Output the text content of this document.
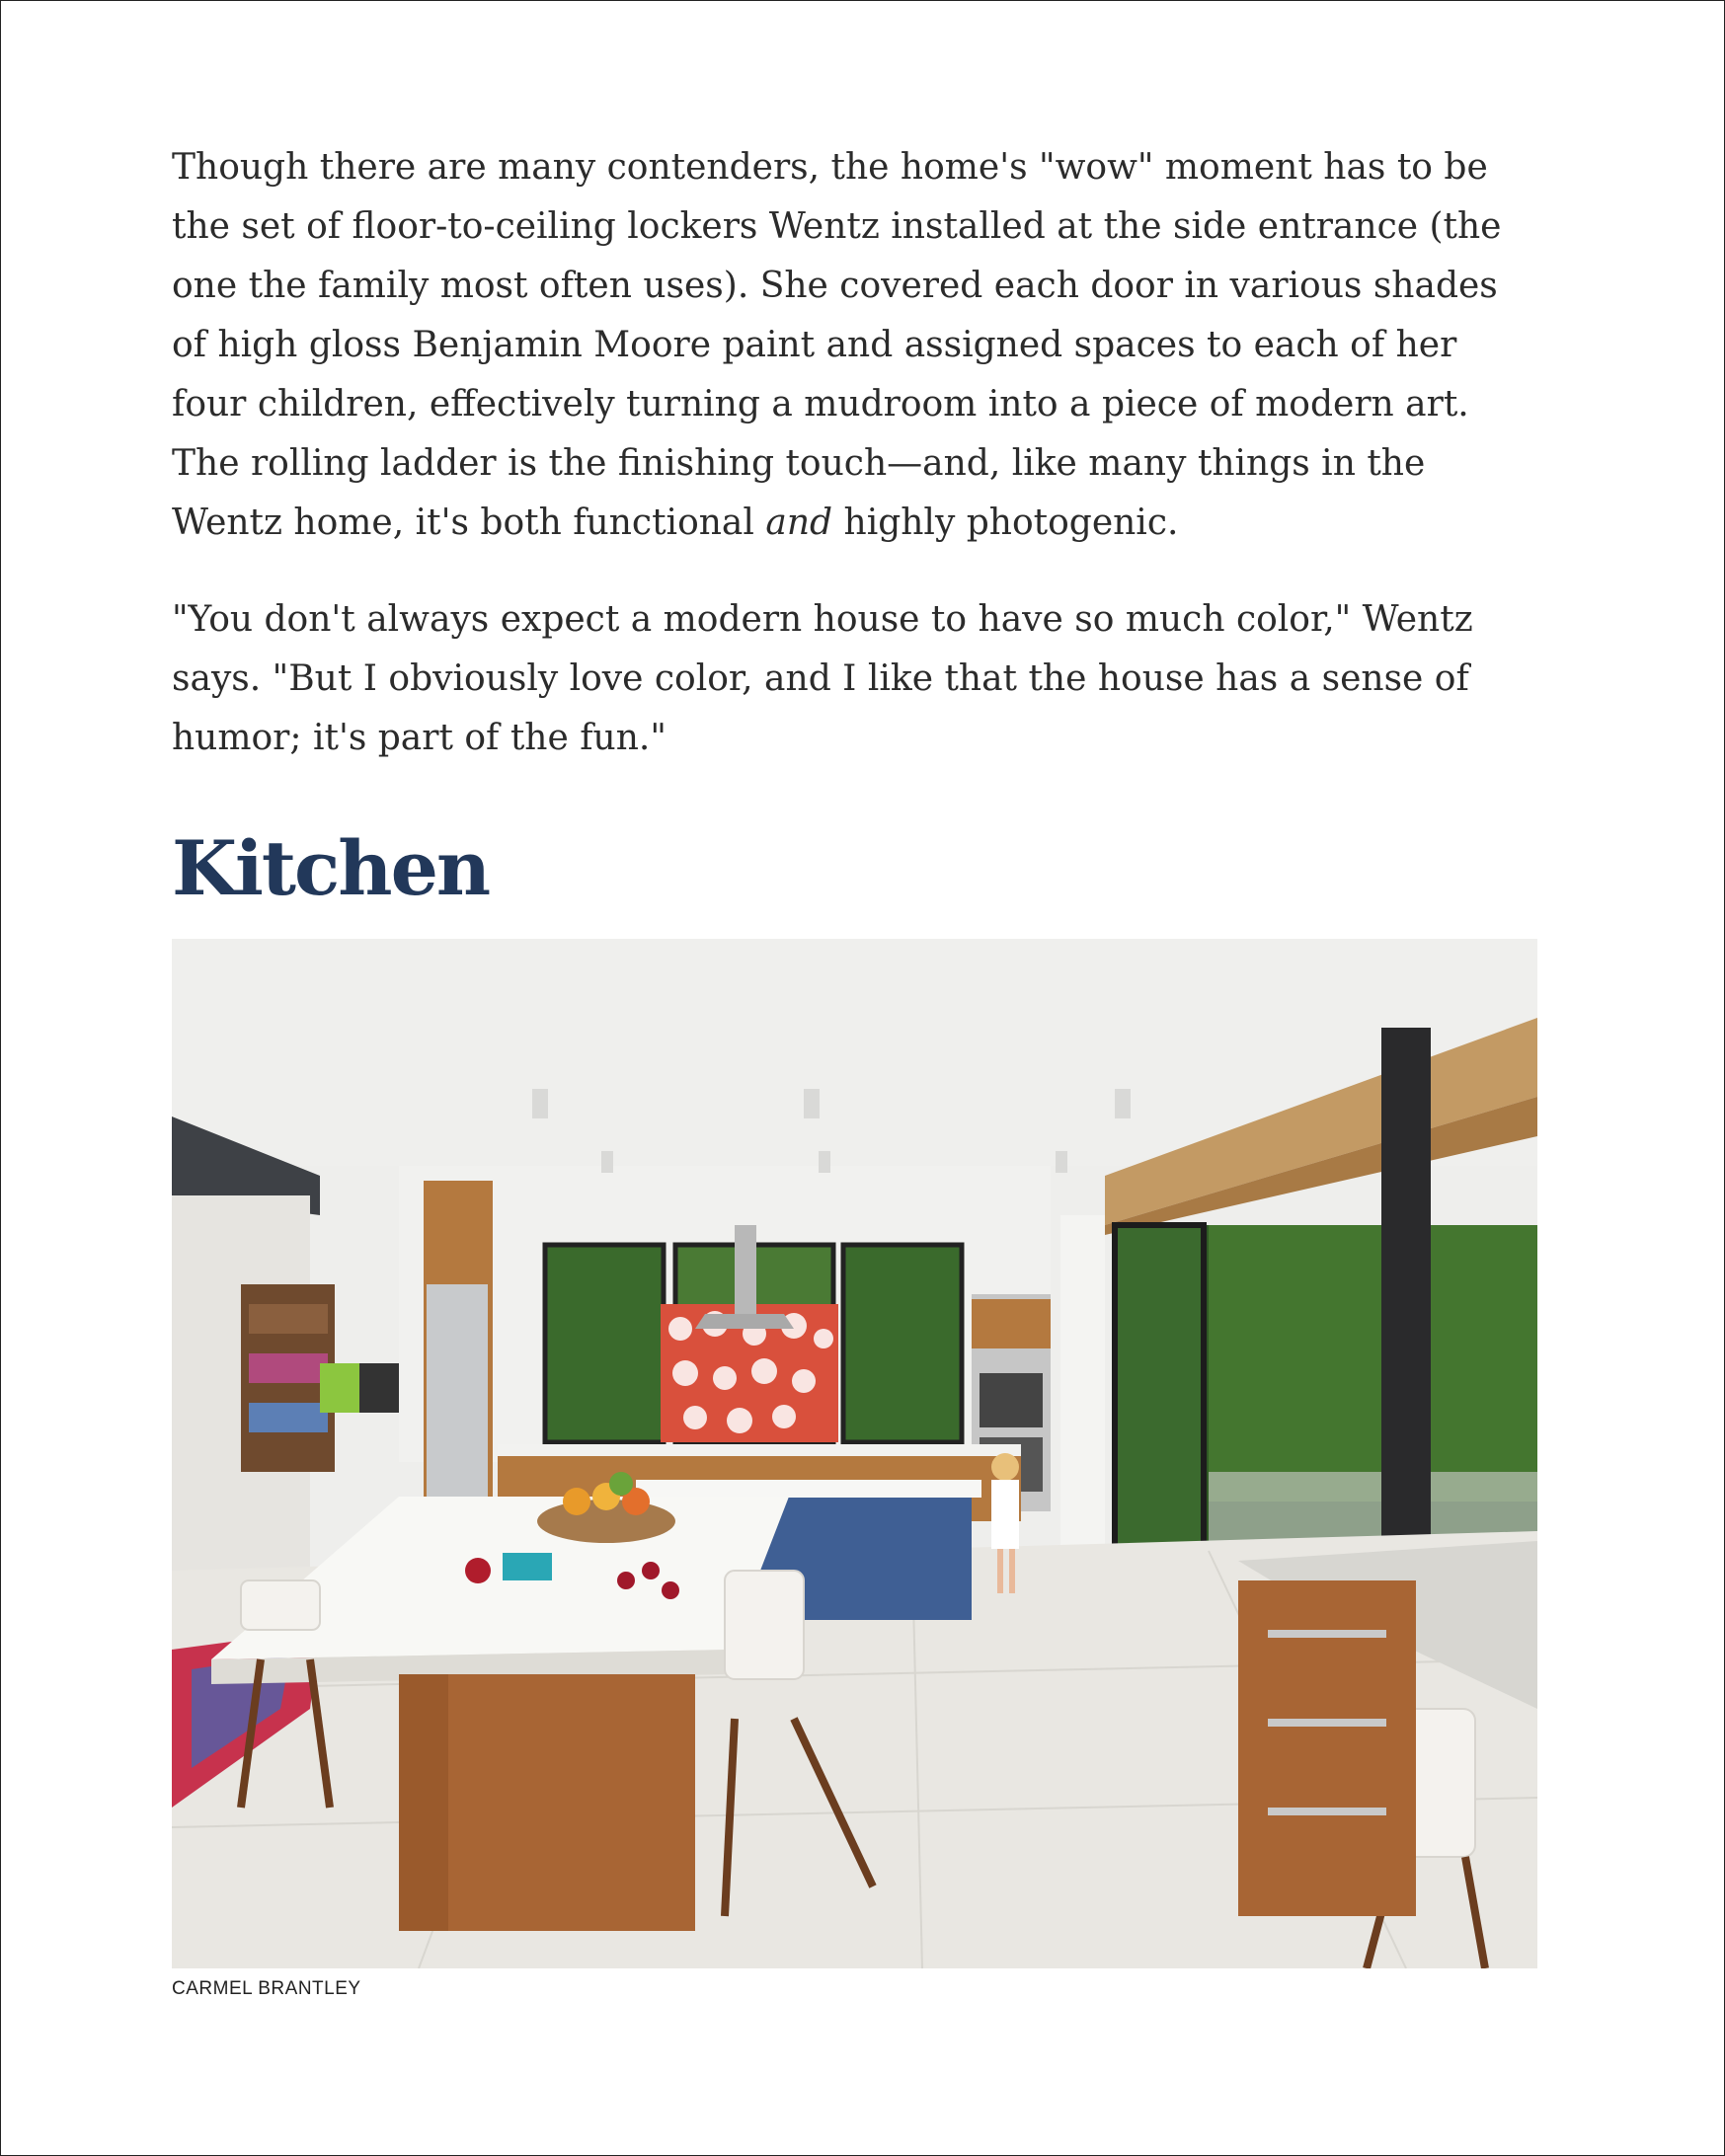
Though there are many contenders, the home's "wow" moment has to be the set of floor-to-ceiling lockers Wentz installed at the side entrance (the one the family most often uses). She covered each door in various shades of high gloss Benjamin Moore paint and assigned spaces to each of her four children, effectively turning a mudroom into a piece of modern art. The rolling ladder is the finishing touch—and, like many things in the Wentz home, it's both functional and highly photogenic.

"You don't always expect a modern house to have so much color," Wentz says. "But I obviously love color, and I like that the house has a sense of humor; it's part of the fun."

Kitchen
CARMEL BRANTLEY
